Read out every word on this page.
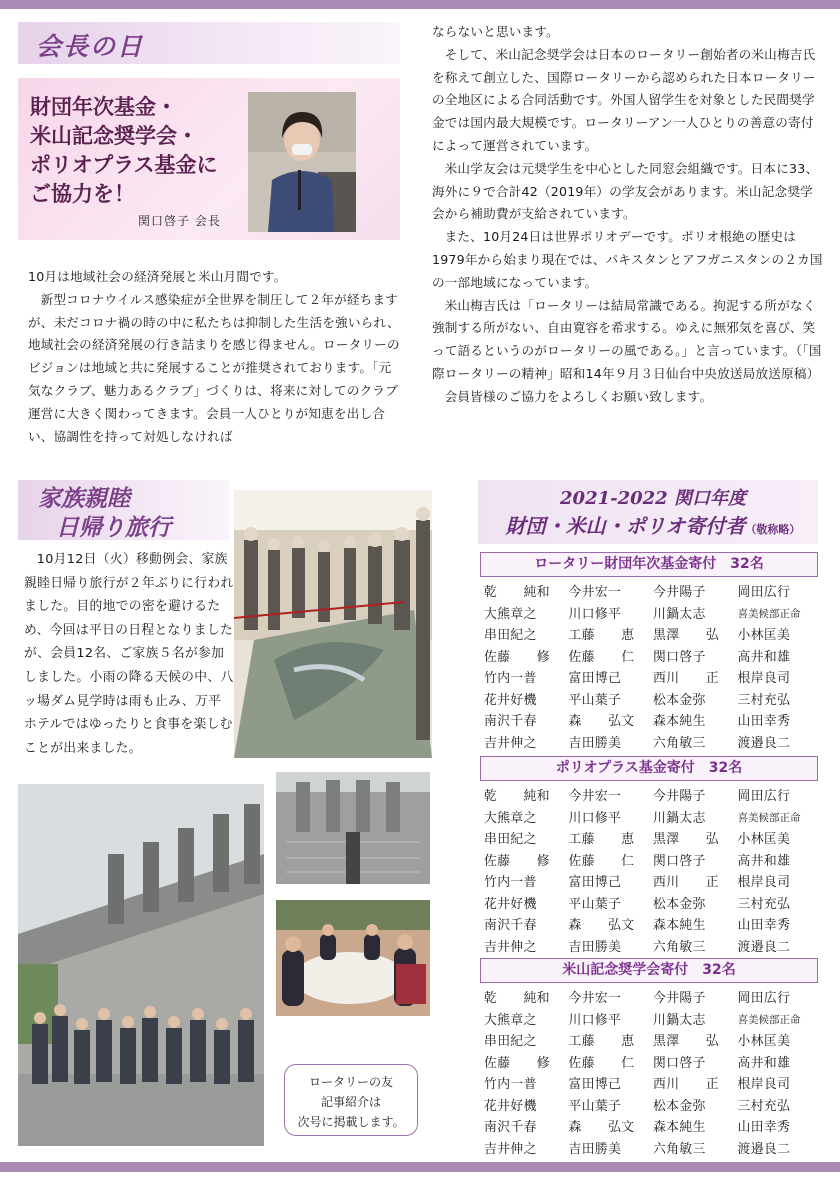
会長の日
財団年次基金・
米山記念奨学会・
ポリオプラス基金に
ご協力を！
関口啓子 会長

10月は地域社会の経済発展と米山月間です。

新型コロナウイルス感染症が全世界を制圧して２年が経ちますが、未だコロナ禍の時の中に私たちは抑制した生活を強いられ、地域社会の経済発展の行き詰まりを感じ得ません。ロータリーのビジョンは地域と共に発展することが推奨されております。「元気なクラブ、魅力あるクラブ」づくりは、将来に対してのクラブ運営に大きく関わってきます。会員一人ひとりが知恵を出し合い、協調性を持って対処しなければ

ならないと思います。

そして、米山記念奨学会は日本のロータリー創始者の米山梅吉氏を称えて創立した、国際ロータリーから認められた日本ロータリーの全地区による合同活動です。外国人留学生を対象とした民間奨学金では国内最大規模です。ロータリーアン一人ひとりの善意の寄付によって運営されています。

米山学友会は元奨学生を中心とした同窓会組織です。日本に33、海外に９で合計42（2019年）の学友会があります。米山記念奨学会から補助費が支給されています。

また、10月24日は世界ポリオデーです。ポリオ根絶の歴史は1979年から始まり現在では、パキスタンとアフガニスタンの２カ国の一部地域になっています。

米山梅吉氏は「ロータリーは結局常識である。拘泥する所がなく強制する所がない、自由寛容を希求する。ゆえに無邪気を喜び、笑って語るというのがロータリーの風である。」と言っています。（「国際ロータリーの精神」昭和14年９月３日仙台中央放送局放送原稿）

会員皆様のご協力をよろしくお願い致します。

家族親睦
日帰り旅行

10月12日（火）移動例会、家族親睦日帰り旅行が２年ぶりに行われました。目的地での密を避けるため、今回は平日の日程となりましたが、会員12名、ご家族５名が参加しました。小雨の降る天候の中、八ッ場ダム見学時は雨も止み、万平ホテルではゆったりと食事を楽しむことが出来ました。

ロータリーの友
記事紹介は
次号に掲載します。
2021-2022 関口年度
財団・米山・ポリオ寄付者（敬称略）
ロータリー財団年次基金寄付　32名
乾　　純和	今井宏一	今井陽子	岡田広行
大熊章之	川口修平	川鍋太志	喜美候部正命
串田紀之	工藤　　恵	黒澤　　弘	小林匡美
佐藤　　修	佐藤　　仁	関口啓子	高井和雄
竹内一普	富田博己	西川　　正	根岸良司
花井好機	平山葉子	松本金弥	三村充弘
南沢千春	森　　弘文	森本純生	山田幸秀
吉井伸之	吉田勝美	六角敏三	渡邉良二
ポリオプラス基金寄付　32名
乾　　純和	今井宏一	今井陽子	岡田広行
大熊章之	川口修平	川鍋太志	喜美候部正命
串田紀之	工藤　　恵	黒澤　　弘	小林匡美
佐藤　　修	佐藤　　仁	関口啓子	高井和雄
竹内一普	富田博己	西川　　正	根岸良司
花井好機	平山葉子	松本金弥	三村充弘
南沢千春	森　　弘文	森本純生	山田幸秀
吉井伸之	吉田勝美	六角敏三	渡邉良二
米山記念奨学会寄付　32名
乾　　純和	今井宏一	今井陽子	岡田広行
大熊章之	川口修平	川鍋太志	喜美候部正命
串田紀之	工藤　　恵	黒澤　　弘	小林匡美
佐藤　　修	佐藤　　仁	関口啓子	高井和雄
竹内一普	富田博己	西川　　正	根岸良司
花井好機	平山葉子	松本金弥	三村充弘
南沢千春	森　　弘文	森本純生	山田幸秀
吉井伸之	吉田勝美	六角敏三	渡邉良二
